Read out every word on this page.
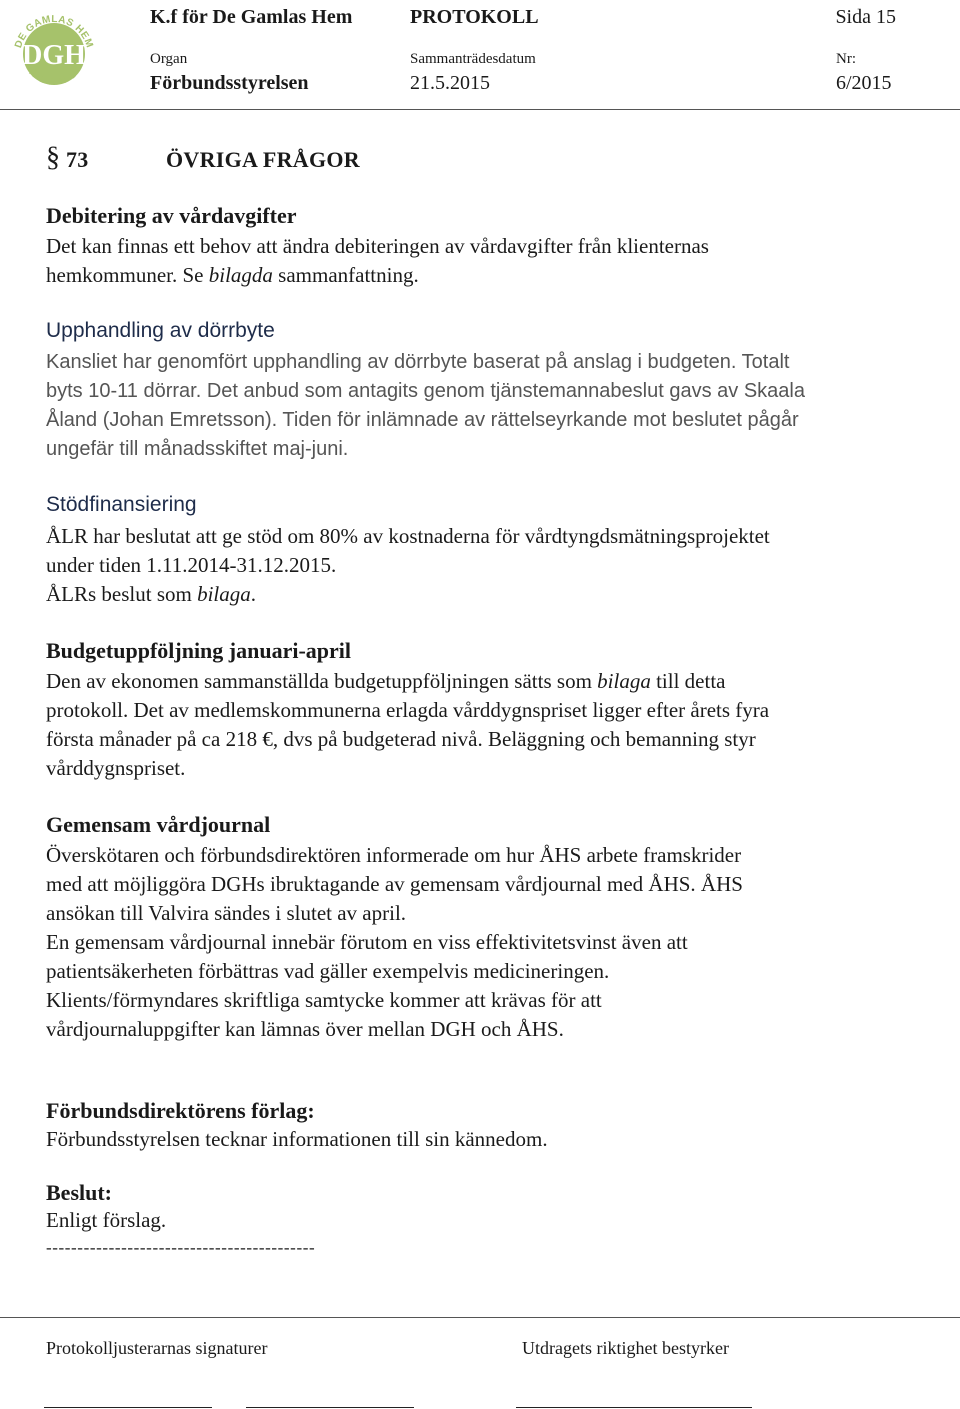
DE GAMLAS HEM
Å L A N D
DGH
K.f för De Gamlas Hem	PROTOKOLL	Sida 15
Organ	Sammanträdesdatum	Nr:
Förbundsstyrelsen	21.5.2015	6/2015
§ 73	ÖVRIGA FRÅGOR
Debitering av vårdavgifter
Det kan finnas ett behov att ändra debiteringen av vårdavgifter från klienternas
hemkommuner. Se bilagda sammanfattning.
Upphandling av dörrbyte
Kansliet har genomfört upphandling av dörrbyte baserat på anslag i budgeten. Totalt
byts 10-11 dörrar. Det anbud som antagits genom tjänstemannabeslut gavs av Skaala
Åland (Johan Emretsson). Tiden för inlämnade av rättelseyrkande mot beslutet pågår
ungefär till månadsskiftet maj-juni.
Stödfinansiering
ÅLR har beslutat att ge stöd om 80% av kostnaderna för vårdtyngdsmätningsprojektet
under tiden 1.11.2014-31.12.2015.
ÅLRs beslut som bilaga.
Budgetuppföljning januari-april
Den av ekonomen sammanställda budgetuppföljningen sätts som bilaga till detta
protokoll. Det av medlemskommunerna erlagda vårddygnspriset ligger efter årets fyra
första månader på ca 218 €, dvs på budgeterad nivå. Beläggning och bemanning styr
vårddygnspriset.
Gemensam vårdjournal
Överskötaren och förbundsdirektören informerade om hur ÅHS arbete framskrider
med att möjliggöra DGHs ibruktagande av gemensam vårdjournal med ÅHS. ÅHS
ansökan till Valvira sändes i slutet av april.
En gemensam vårdjournal innebär förutom en viss effektivitetsvinst även att
patientsäkerheten förbättras vad gäller exempelvis medicineringen.
Klients/förmyndares skriftliga samtycke kommer att krävas för att
vårdjournaluppgifter kan lämnas över mellan DGH och ÅHS.
Förbundsdirektörens förlag:
Förbundsstyrelsen tecknar informationen till sin kännedom.
Beslut:
Enligt förslag.
-------------------------------------------
Protokolljusterarnas signaturer	Utdragets riktighet bestyrker
